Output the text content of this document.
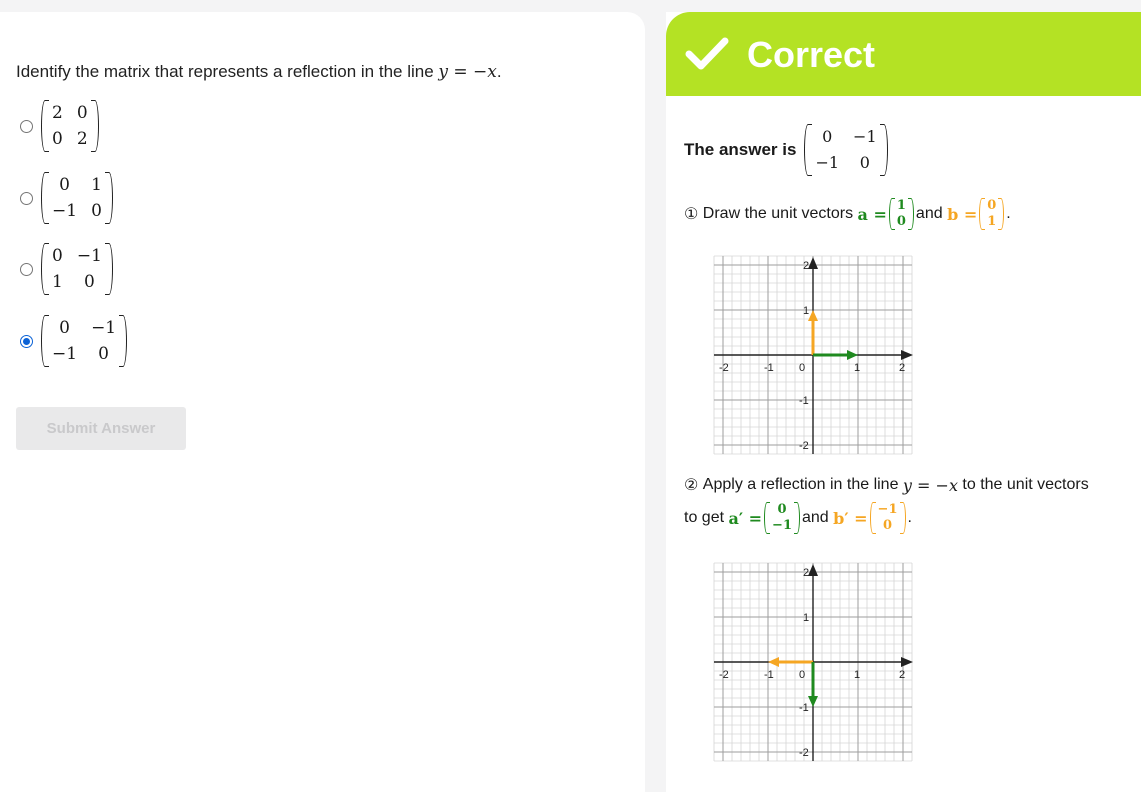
Identify the matrix that represents a reflection in the line y = −x.
2 0
0 2
0	1
−1 0
0 −1
1	0
0	−1
−1	0
Submit Answer
Correct
The answer is
0	−1
−1	0
①
Draw the unit vectors
a = 1
0 and
b = 0
1 .
-2	-1 0	1	2
2
1
-1
-2
②
Apply a reflection in the line
y = −x
to the unit vectors
to get
a′ =	0
−1 and
b′ = −1
0 .
-2	-1 0	1	2
2
1
-1
-2
